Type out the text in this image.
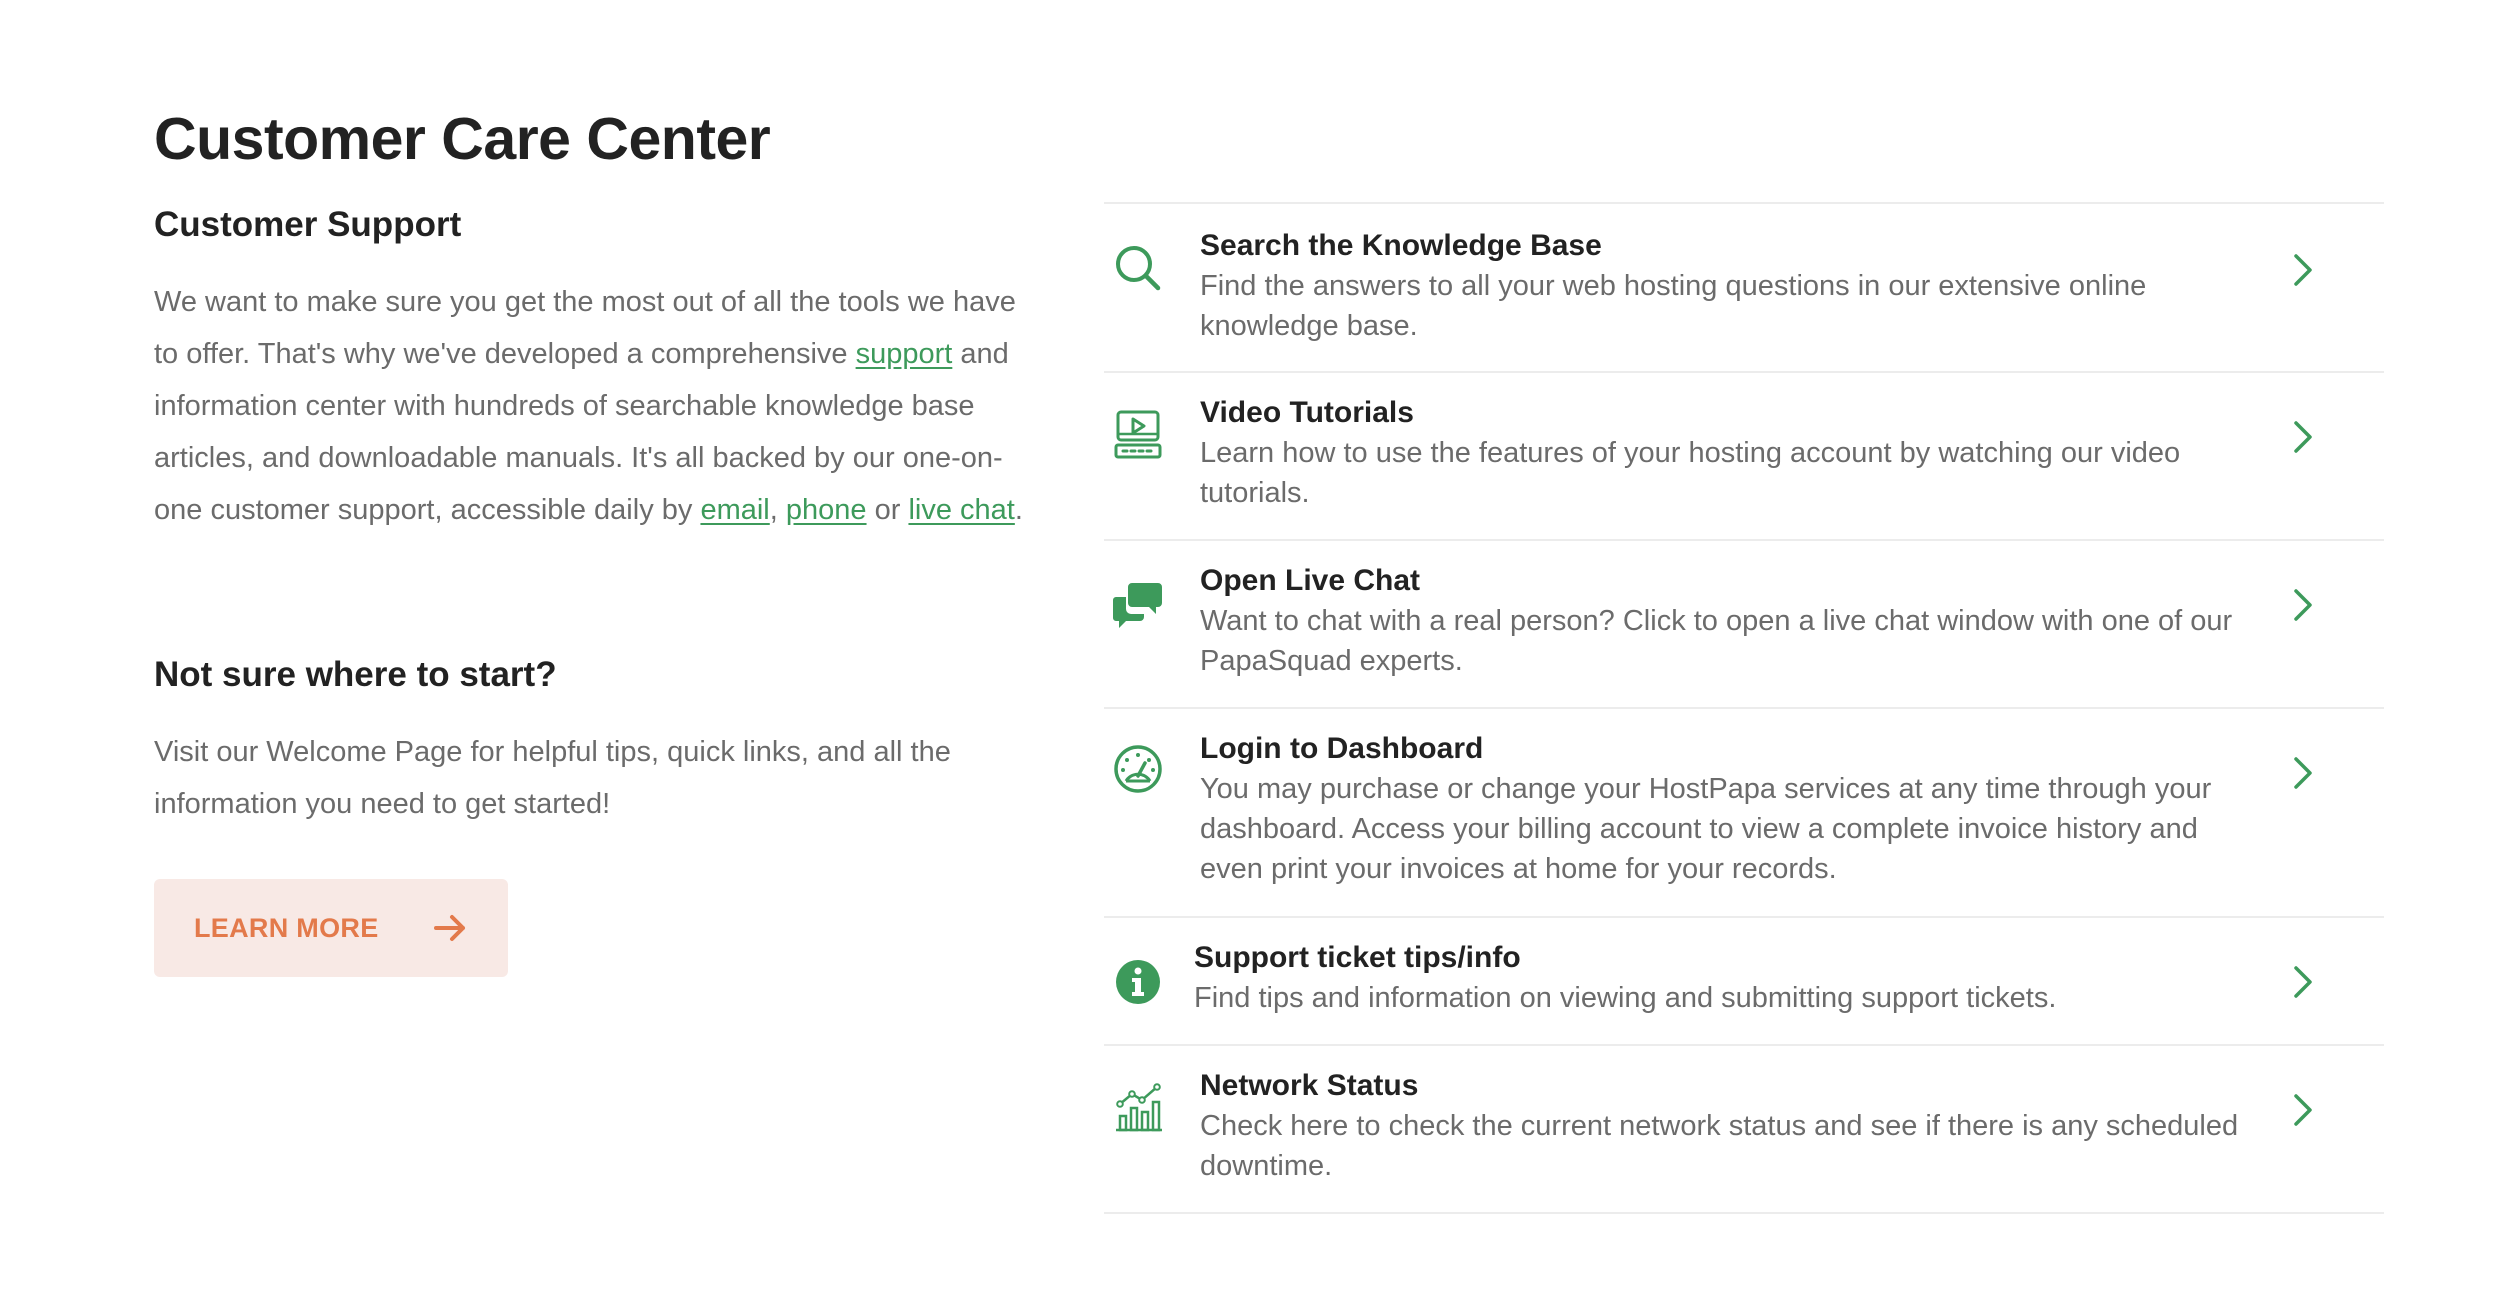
Customer Care Center
Customer Support

We want to make sure you get the most out of all the tools we have to offer. That's why we've developed a comprehensive support and information center with hundreds of searchable knowledge base articles, and downloadable manuals. It's all backed by our one-on-one customer support, accessible daily by email, phone or live chat.

Not sure where to start?

Visit our Welcome Page for helpful tips, quick links, and all the information you need to get started!

LEARN MORE
Search the Knowledge Base
Find the answers to all your web hosting questions in our extensive online knowledge base.
Video Tutorials
Learn how to use the features of your hosting account by watching our video tutorials.
Open Live Chat
Want to chat with a real person? Click to open a live chat window with one of our PapaSquad experts.
Login to Dashboard
You may purchase or change your HostPapa services at any time through your dashboard. Access your billing account to view a complete invoice history and even print your invoices at home for your records.
Support ticket tips/info
Find tips and information on viewing and submitting support tickets.
Network Status
Check here to check the current network status and see if there is any scheduled downtime.
